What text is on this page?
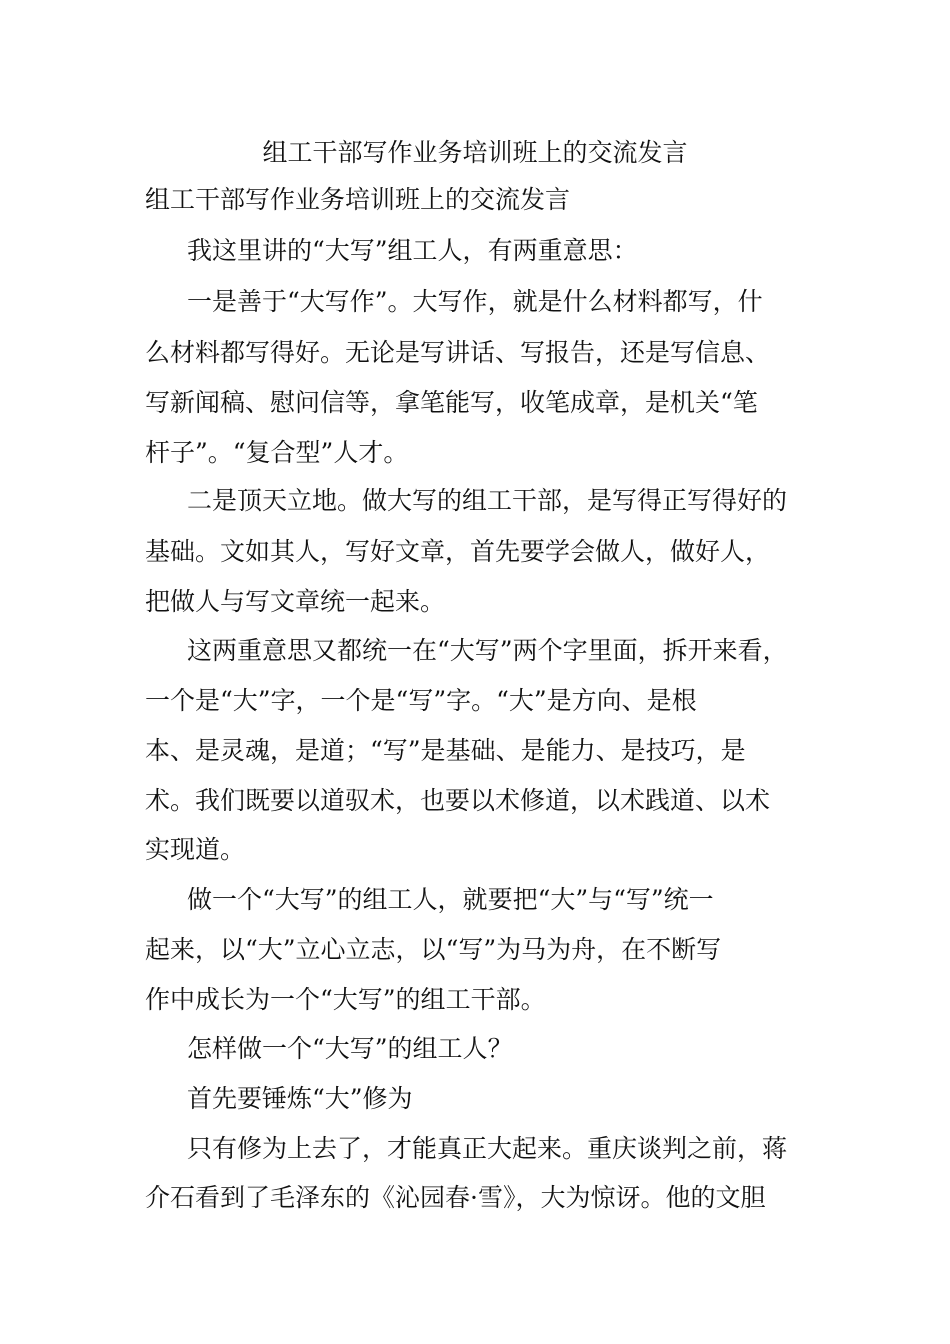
组工干部写作业务培训班上的交流发言
组工干部写作业务培训班上的交流发言
我这里讲的“大写”组工人，有两重意思：
一是善于“大写作”。大写作，就是什么材料都写，什
么材料都写得好。无论是写讲话、写报告，还是写信息、
写新闻稿、慰问信等，拿笔能写，收笔成章，是机关“笔
杆子”。“复合型”人才。
二是顶天立地。做大写的组工干部，是写得正写得好的
基础。文如其人，写好文章，首先要学会做人，做好人，
把做人与写文章统一起来。
这两重意思又都统一在“大写”两个字里面，拆开来看，
一个是“大”字，一个是“写”字。“大”是方向、是根
本、是灵魂，是道；“写”是基础、是能力、是技巧，是
术。我们既要以道驭术，也要以术修道，以术践道、以术
实现道。
做一个“大写”的组工人，就要把“大”与“写”统一
起来，以“大”立心立志，以“写”为马为舟，在不断写
作中成长为一个“大写”的组工干部。
怎样做一个“大写”的组工人？
首先要锤炼“大”修为
只有修为上去了，才能真正大起来。重庆谈判之前，蒋
介石看到了毛泽东的《沁园春·雪》，大为惊讶。他的文胆
